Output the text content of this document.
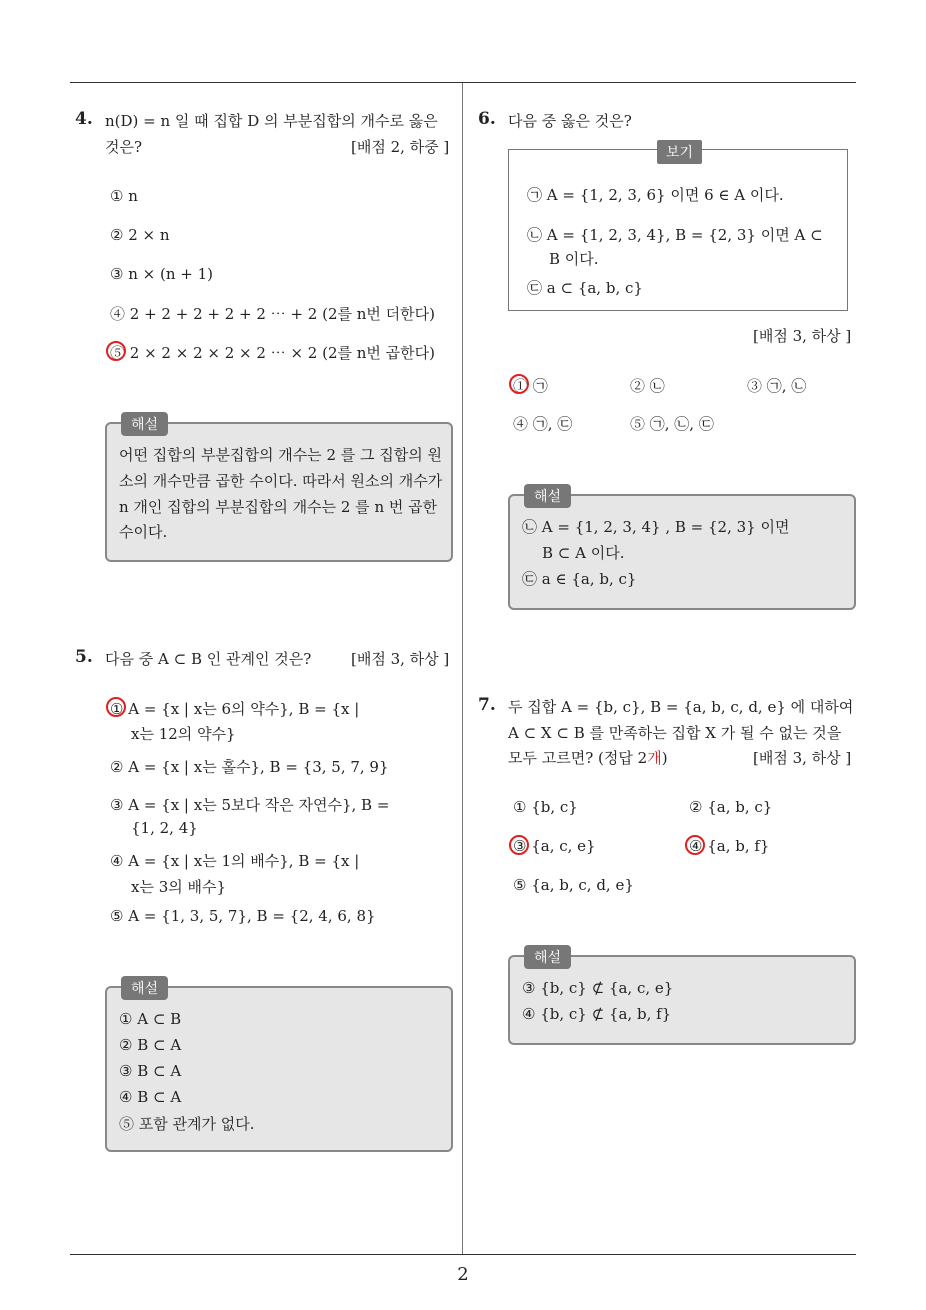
2
4. n(D) = n 일 때 집합 D 의 부분집합의 개수로 옳은
것은?	[배점 2, 하중 ]
① n
② 2 × n
③ n × (n + 1)
④ 2 + 2 + 2 + 2 + 2 ⋯ + 2 (2를 n번 더한다)
⑤ 2 × 2 × 2 × 2 × 2 ⋯ × 2 (2를 n번 곱한다)
해설
어떤 집합의 부분집합의 개수는 2 를 그 집합의 원
소의 개수만큼 곱한 수이다. 따라서 원소의 개수가
n 개인 집합의 부분집합의 개수는 2 를 n 번 곱한
수이다.
5. 다음 중 A ⊂ B 인 관계인 것은?	[배점 3, 하상 ]
① A = {x | x는 6의 약수}, B = {x |
x는 12의 약수}
② A = {x | x는 홀수}, B = {3, 5, 7, 9}
③ A = {x | x는 5보다 작은 자연수}, B =
{1, 2, 4}
④ A = {x | x는 1의 배수}, B = {x |
x는 3의 배수}
⑤ A = {1, 3, 5, 7}, B = {2, 4, 6, 8}
해설
① A ⊂ B
② B ⊂ A
③ B ⊂ A
④ B ⊂ A
⑤ 포함 관계가 없다.
6. 다음 중 옳은 것은?
보기
㉠ A = {1, 2, 3, 6} 이면 6 ∈ A 이다.
㉡ A = {1, 2, 3, 4}, B = {2, 3} 이면 A ⊂
B 이다.
㉢ a ⊂ {a, b, c}
[배점 3, 하상 ]
① ㉠	② ㉡	③ ㉠, ㉡
④ ㉠, ㉢	⑤ ㉠, ㉡, ㉢
해설
㉡ A = {1, 2, 3, 4} , B = {2, 3} 이면
B ⊂ A 이다.
㉢ a ∈ {a, b, c}
7. 두 집합 A = {b, c}, B = {a, b, c, d, e} 에 대하여
A ⊂ X ⊂ B 를 만족하는 집합 X 가 될 수 없는 것을
모두 고르면? (정답 2개)	[배점 3, 하상 ]
① {b, c}	② {a, b, c}
③ {a, c, e}	④ {a, b, f}
⑤ {a, b, c, d, e}
해설
③ {b, c} ⊄ {a, c, e}
④ {b, c} ⊄ {a, b, f}
